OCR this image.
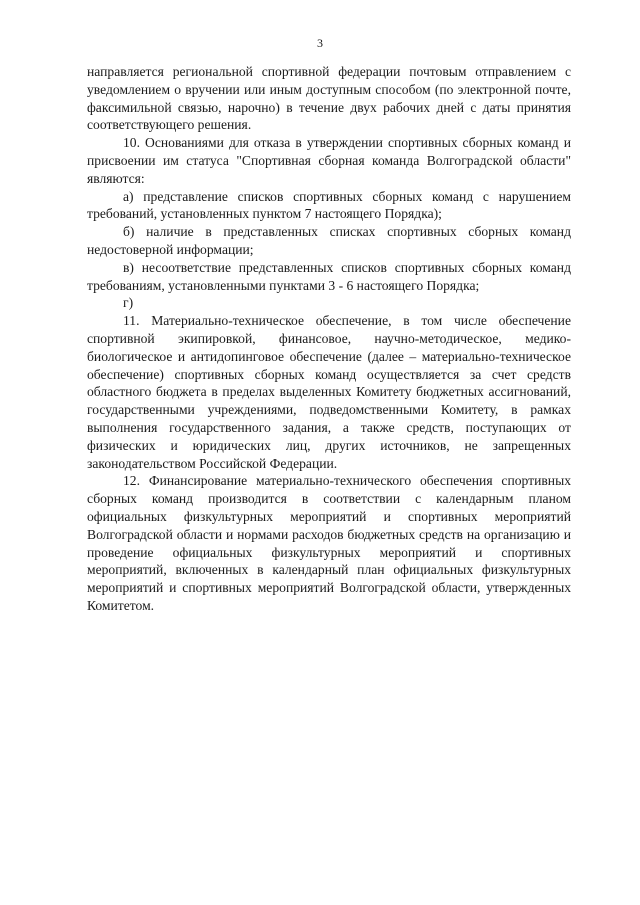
3

направляется региональной спортивной федерации почтовым отправлением с уведомлением о вручении или иным доступным способом (по электронной почте, факсимильной связью, нарочно) в течение двух рабочих дней с даты принятия соответствующего решения.

10. Основаниями для отказа в утверждении спортивных сборных команд и присвоении им статуса "Спортивная сборная команда Волгоградской области" являются:

а) представление списков спортивных сборных команд с нарушением требований, установленных пунктом 7 настоящего Порядка);

б) наличие в представленных списках спортивных сборных команд недостоверной информации;

в) несоответствие представленных списков спортивных сборных команд требованиям, установленными пунктами 3 - 6 настоящего Порядка;

г)

11. Материально-техническое обеспечение, в том числе обеспечение спортивной экипировкой, финансовое, научно-методическое, медико-биологическое и антидопинговое обеспечение (далее – материально-техническое обеспечение) спортивных сборных команд осуществляется за счет средств областного бюджета в пределах выделенных Комитету бюджетных ассигнований, государственными учреждениями, подведомственными Комитету, в рамках выполнения государственного задания, а также средств, поступающих от физических и юридических лиц, других источников, не запрещенных законодательством Российской Федерации.

12. Финансирование материально-технического обеспечения спортивных сборных команд производится в соответствии с календарным планом официальных физкультурных мероприятий и спортивных мероприятий Волгоградской области и нормами расходов бюджетных средств на организацию и проведение официальных физкультурных мероприятий и спортивных мероприятий, включенных в календарный план официальных физкультурных мероприятий и спортивных мероприятий Волгоградской области, утвержденных Комитетом.
